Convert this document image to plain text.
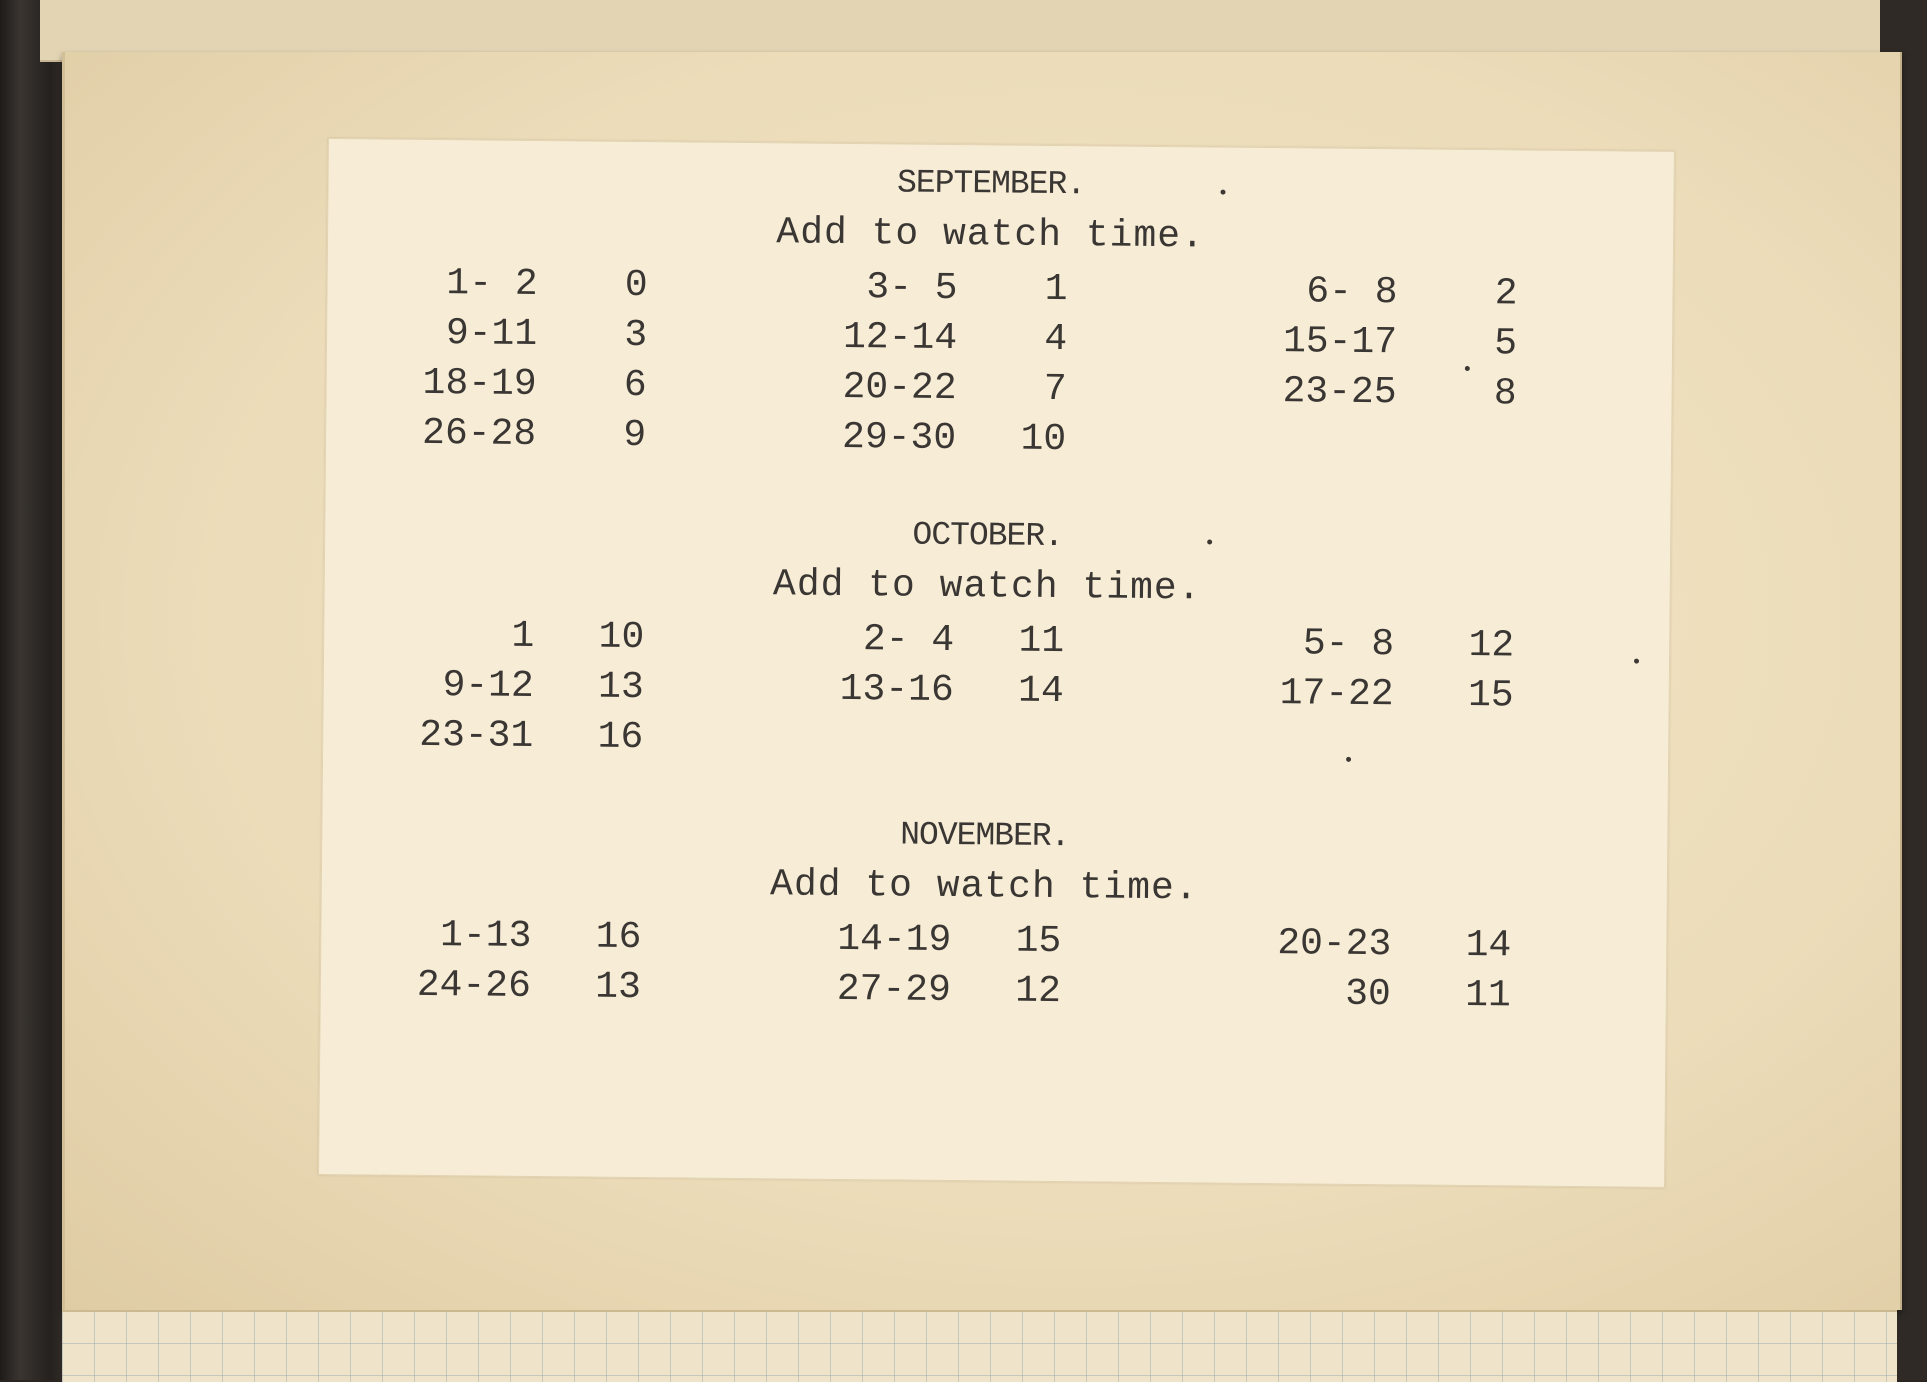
SEPTEMBER.
Add to watch time.
1- 2	0	3- 5	1	6- 8	2
9-11	3	12-14	4	15-17	5
18-19	6	20-22	7	23-25	8
26-28	9	29-30	10
OCTOBER.
Add to watch time.
1	10	2- 4	11	5- 8	12
9-12	13	13-16	14	17-22	15
23-31	16
NOVEMBER.
Add to watch time.
1-13	16	14-19	15	20-23	14
24-26	13	27-29	12	30	11
